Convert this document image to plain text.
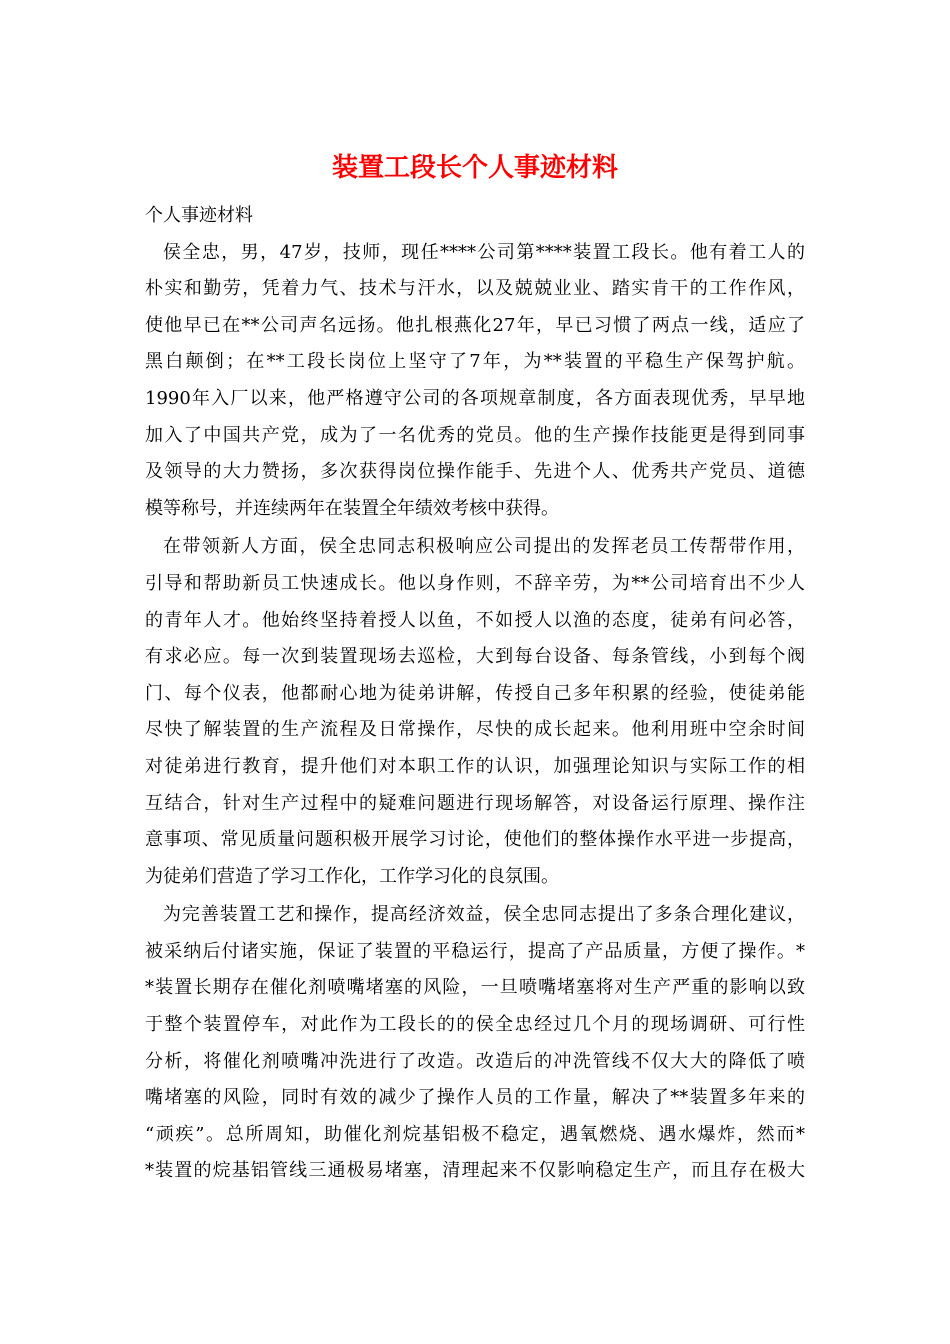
装置工段长个人事迹材料
个人事迹材料
侯全忠，男，47岁，技师，现任****公司第****装置工段长。他有着工人的
朴实和勤劳，凭着力气、技术与汗水，以及兢兢业业、踏实肯干的工作作风，
使他早已在**公司声名远扬。他扎根燕化27年，早已习惯了两点一线，适应了
黑白颠倒；在**工段长岗位上坚守了7年，为**装置的平稳生产保驾护航。
1990年入厂以来，他严格遵守公司的各项规章制度，各方面表现优秀，早早地
加入了中国共产党，成为了一名优秀的党员。他的生产操作技能更是得到同事
及领导的大力赞扬，多次获得岗位操作能手、先进个人、优秀共产党员、道德
模等称号，并连续两年在装置全年绩效考核中获得。
在带领新人方面，侯全忠同志积极响应公司提出的发挥老员工传帮带作用，
引导和帮助新员工快速成长。他以身作则，不辞辛劳，为**公司培育出不少人
的青年人才。他始终坚持着授人以鱼，不如授人以渔的态度，徒弟有问必答，
有求必应。每一次到装置现场去巡检，大到每台设备、每条管线，小到每个阀
门、每个仪表，他都耐心地为徒弟讲解，传授自己多年积累的经验，使徒弟能
尽快了解装置的生产流程及日常操作，尽快的成长起来。他利用班中空余时间
对徒弟进行教育，提升他们对本职工作的认识，加强理论知识与实际工作的相
互结合，针对生产过程中的疑难问题进行现场解答，对设备运行原理、操作注
意事项、常见质量问题积极开展学习讨论，使他们的整体操作水平进一步提高，
为徒弟们营造了学习工作化，工作学习化的良氛围。
为完善装置工艺和操作，提高经济效益，侯全忠同志提出了多条合理化建议，
被采纳后付诸实施，保证了装置的平稳运行，提高了产品质量，方便了操作。*
*装置长期存在催化剂喷嘴堵塞的风险，一旦喷嘴堵塞将对生产严重的影响以致
于整个装置停车，对此作为工段长的的侯全忠经过几个月的现场调研、可行性
分析，将催化剂喷嘴冲洗进行了改造。改造后的冲洗管线不仅大大的降低了喷
嘴堵塞的风险，同时有效的减少了操作人员的工作量，解决了**装置多年来的
“顽疾”。总所周知，助催化剂烷基铝极不稳定，遇氧燃烧、遇水爆炸，然而*
*装置的烷基铝管线三通极易堵塞，清理起来不仅影响稳定生产，而且存在极大
